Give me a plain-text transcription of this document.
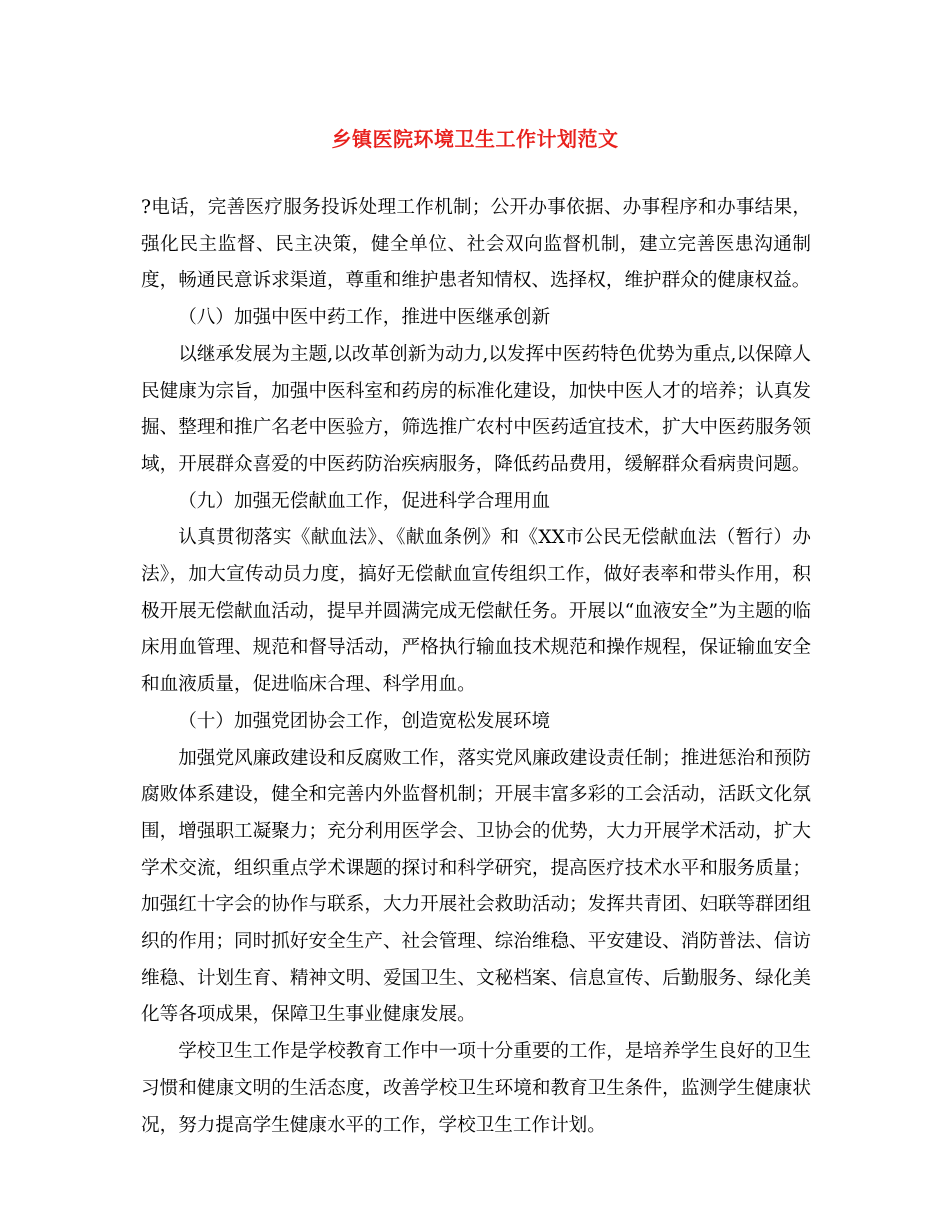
乡镇医院环境卫生工作计划范文

?电话，完善医疗服务投诉处理工作机制；公开办事依据、办事程序和办事结果，强化民主监督、民主决策，健全单位、社会双向监督机制，建立完善医患沟通制度，畅通民意诉求渠道，尊重和维护患者知情权、选择权，维护群众的健康权益。

（八）加强中医中药工作，推进中医继承创新

以继承发展为主题,以改革创新为动力,以发挥中医药特色优势为重点,以保障人民健康为宗旨，加强中医科室和药房的标准化建设，加快中医人才的培养；认真发掘、整理和推广名老中医验方，筛选推广农村中医药适宜技术，扩大中医药服务领域，开展群众喜爱的中医药防治疾病服务，降低药品费用，缓解群众看病贵问题。

（九）加强无偿献血工作，促进科学合理用血

认真贯彻落实《献血法》、《献血条例》和《XX市公民无偿献血法（暂行）办法》，加大宣传动员力度，搞好无偿献血宣传组织工作，做好表率和带头作用，积极开展无偿献血活动，提早并圆满完成无偿献任务。开展以“血液安全”为主题的临床用血管理、规范和督导活动，严格执行输血技术规范和操作规程，保证输血安全和血液质量，促进临床合理、科学用血。

（十）加强党团协会工作，创造宽松发展环境

加强党风廉政建设和反腐败工作，落实党风廉政建设责任制；推进惩治和预防腐败体系建设，健全和完善内外监督机制；开展丰富多彩的工会活动，活跃文化氛围，增强职工凝聚力；充分利用医学会、卫协会的优势，大力开展学术活动，扩大学术交流，组织重点学术课题的探讨和科学研究，提高医疗技术水平和服务质量；加强红十字会的协作与联系，大力开展社会救助活动；发挥共青团、妇联等群团组织的作用；同时抓好安全生产、社会管理、综治维稳、平安建设、消防普法、信访维稳、计划生育、精神文明、爱国卫生、文秘档案、信息宣传、后勤服务、绿化美化等各项成果，保障卫生事业健康发展。

学校卫生工作是学校教育工作中一项十分重要的工作，是培养学生良好的卫生习惯和健康文明的生活态度，改善学校卫生环境和教育卫生条件，监测学生健康状况，努力提高学生健康水平的工作，学校卫生工作计划。
